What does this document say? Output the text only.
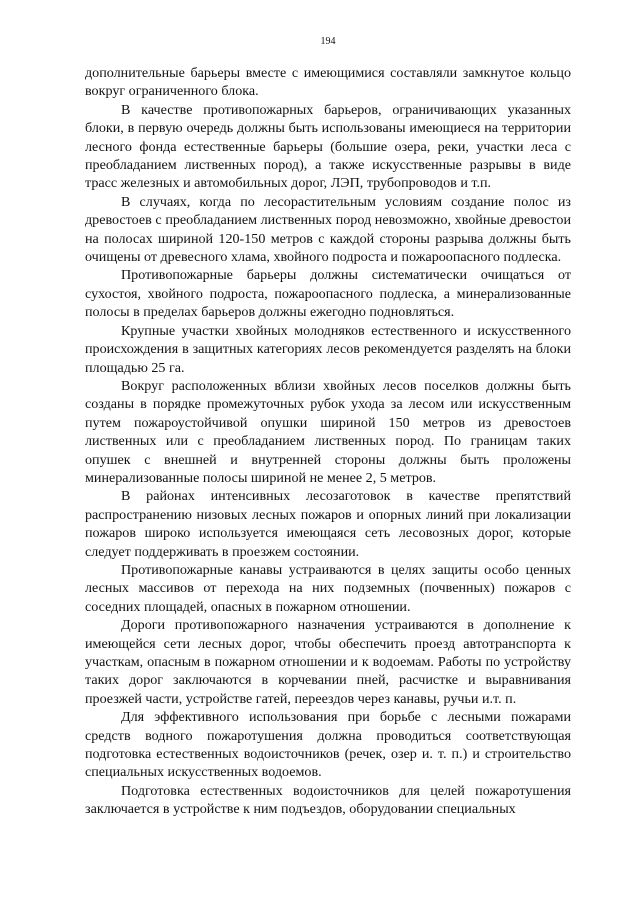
194

дополнительные барьеры вместе с имеющимися составляли замкнутое кольцо вокруг ограниченного блока.

В качестве противопожарных барьеров, ограничивающих указанных блоки, в первую очередь должны быть использованы имеющиеся на территории лесного фонда естественные барьеры (большие озера, реки, участки леса с преобладанием лиственных пород), а также искусственные разрывы в виде трасс железных и автомобильных дорог, ЛЭП, трубопроводов и т.п.

В случаях, когда по лесорастительным условиям создание полос из древостоев с преобладанием лиственных пород невозможно, хвойные древостои на полосах шириной 120-150 метров с каждой стороны разрыва должны быть очищены от древесного хлама, хвойного подроста и пожароопасного подлеска.

Противопожарные барьеры должны систематически очищаться от сухостоя, хвойного подроста, пожароопасного подлеска, а минерализованные полосы в пределах барьеров должны ежегодно подновляться.

Крупные участки хвойных молодняков естественного и искусственного происхождения в защитных категориях лесов рекомендуется разделять на блоки площадью 25 га.

Вокруг расположенных вблизи хвойных лесов поселков должны быть созданы в порядке промежуточных рубок ухода за лесом или искусственным путем пожароустойчивой опушки шириной 150 метров из древостоев лиственных или с преобладанием лиственных пород. По границам таких опушек с внешней и внутренней стороны должны быть проложены минерализованные полосы шириной не менее 2, 5 метров.

В районах интенсивных лесозаготовок в качестве препятствий распространению низовых лесных пожаров и опорных линий при локализации пожаров широко используется имеющаяся сеть лесовозных дорог, которые следует поддерживать в проезжем состоянии.

Противопожарные канавы устраиваются в целях защиты особо ценных лесных массивов от перехода на них подземных (почвенных) пожаров с соседних площадей, опасных в пожарном отношении.

Дороги противопожарного назначения устраиваются в дополнение к имеющейся сети лесных дорог, чтобы обеспечить проезд автотранспорта к участкам, опасным в пожарном отношении и к водоемам. Работы по устройству таких дорог заключаются в корчевании пней, расчистке и выравнивания проезжей части, устройстве гатей, переездов через канавы, ручьи и.т. п.

Для эффективного использования при борьбе с лесными пожарами средств водного пожаротушения должна проводиться соответствующая подготовка естественных водоисточников (речек, озер и. т. п.) и строительство специальных искусственных водоемов.

Подготовка естественных водоисточников для целей пожаротушения заключается в устройстве к ним подъездов, оборудовании специальных
